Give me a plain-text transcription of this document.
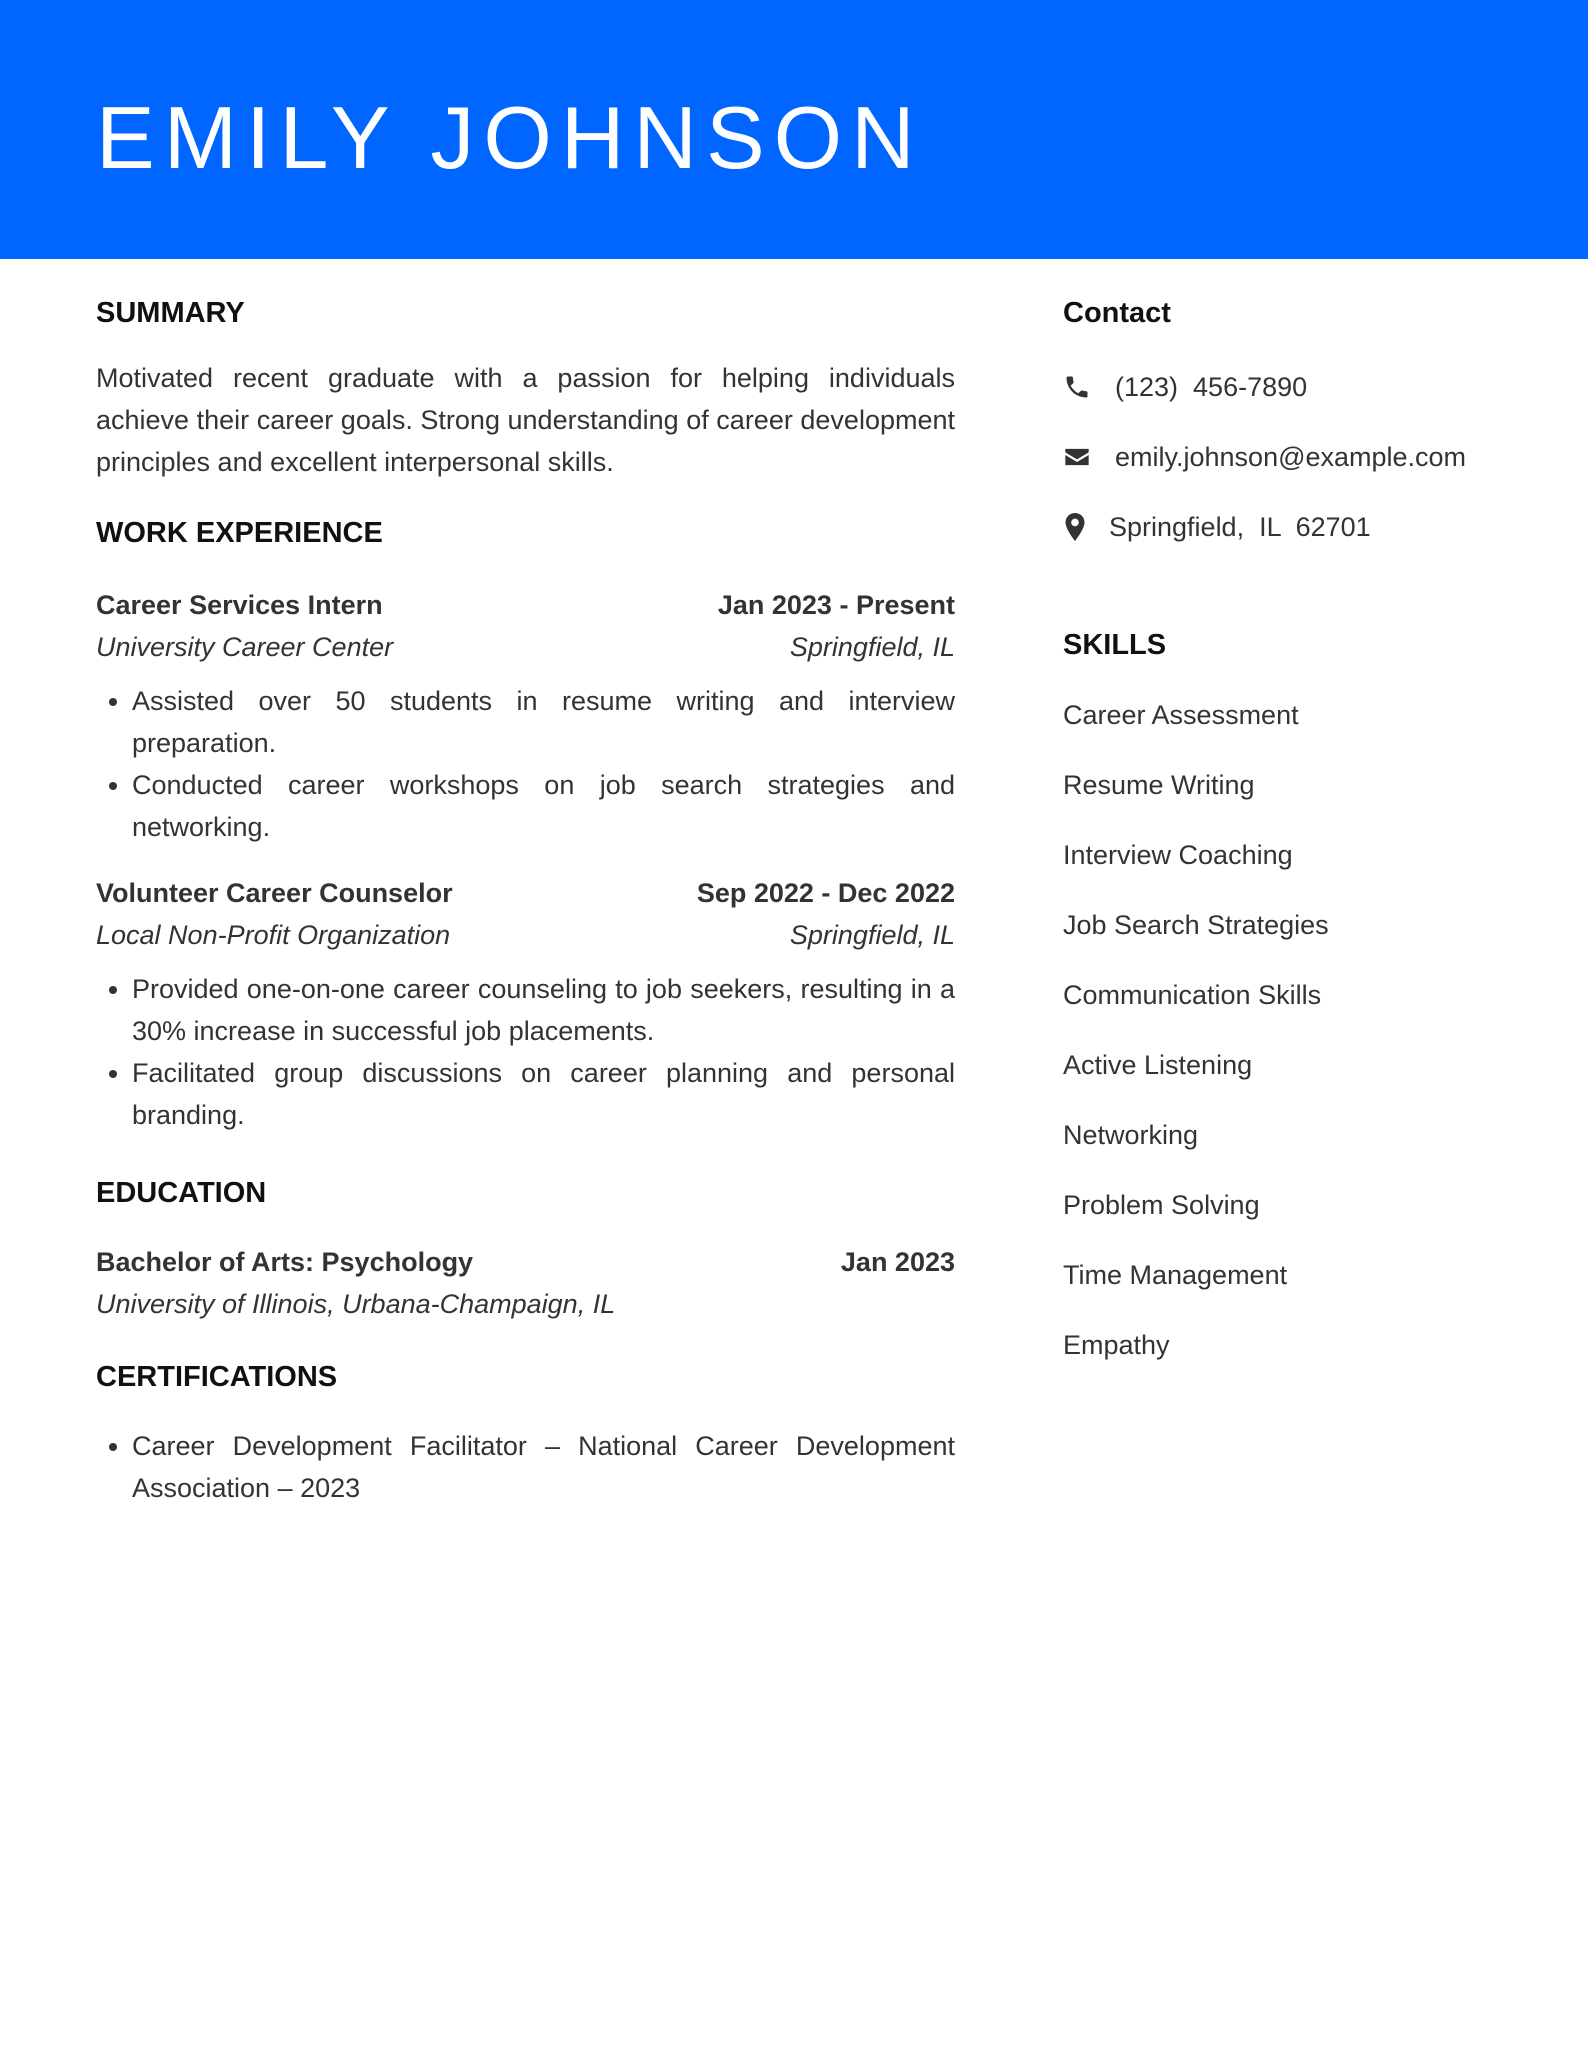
EMILY JOHNSON
SUMMARY
Motivated recent graduate with a passion for helping individuals achieve their career goals. Strong understanding of career development principles and excellent interpersonal skills.
WORK EXPERIENCE
Career Services Intern	Jan 2023 - Present
University Career Center	Springfield, IL
• Assisted over 50 students in resume writing and interview preparation.
• Conducted career workshops on job search strategies and networking.
Volunteer Career Counselor	Sep 2022 - Dec 2022
Local Non-Profit Organization	Springfield, IL
• Provided one-on-one career counseling to job seekers, resulting in a 30% increase in successful job placements.
• Facilitated group discussions on career planning and personal branding.
EDUCATION
Bachelor of Arts: Psychology	Jan 2023
University of Illinois, Urbana-Champaign, IL
CERTIFICATIONS
• Career Development Facilitator – National Career Development Association – 2023
Contact
(123)  456-7890
emily.johnson@example.com
Springfield,  IL  62701
SKILLS
Career Assessment
Resume Writing
Interview Coaching
Job Search Strategies
Communication Skills
Active Listening
Networking
Problem Solving
Time Management
Empathy
